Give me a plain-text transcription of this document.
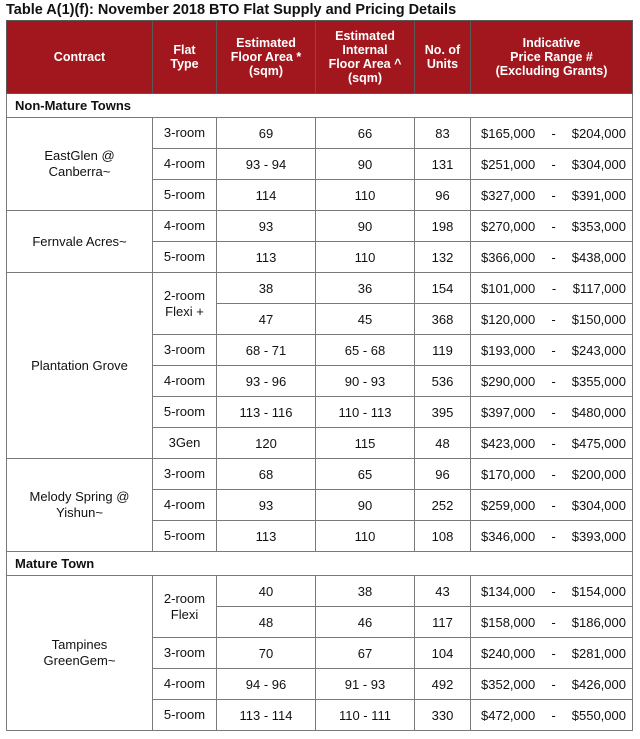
Table A(1)(f): November 2018 BTO Flat Supply and Pricing Details
Contract	Flat
Type	Estimated
Floor Area *
(sqm)	Estimated
Internal
Floor Area ^
(sqm)	No. of
Units	Indicative
Price Range #
(Excluding Grants)

Non-Mature Towns					

EastGlen @
Canberra~	3-room	69	66	83	$165,000 - $204,000

	4-room	93 - 94	90	131	$251,000 - $304,000

	5-room	114	110	96	$327,000 - $391,000

Fernvale Acres~	4-room	93	90	198	$270,000 - $353,000

	5-room	113	110	132	$366,000 - $438,000

Plantation Grove	2-room
Flexi +	38	36	154	$101,000 - $117,000

		47	45	368	$120,000 - $150,000

	3-room	68 - 71	65 - 68	119	$193,000 - $243,000

	4-room	93 - 96	90 - 93	536	$290,000 - $355,000

	5-room	113 - 116	110 - 113	395	$397,000 - $480,000

	3Gen	120	115	48	$423,000 - $475,000

Melody Spring @
Yishun~	3-room	68	65	96	$170,000 - $200,000

	4-room	93	90	252	$259,000 - $304,000

	5-room	113	110	108	$346,000 - $393,000

Mature Town					

Tampines
GreenGem~	2-room
Flexi	40	38	43	$134,000 - $154,000

		48	46	117	$158,000 - $186,000

	3-room	70	67	104	$240,000 - $281,000

	4-room	94 - 96	91 - 93	492	$352,000 - $426,000

	5-room	113 - 114	110 - 111	330	$472,000 - $550,000
